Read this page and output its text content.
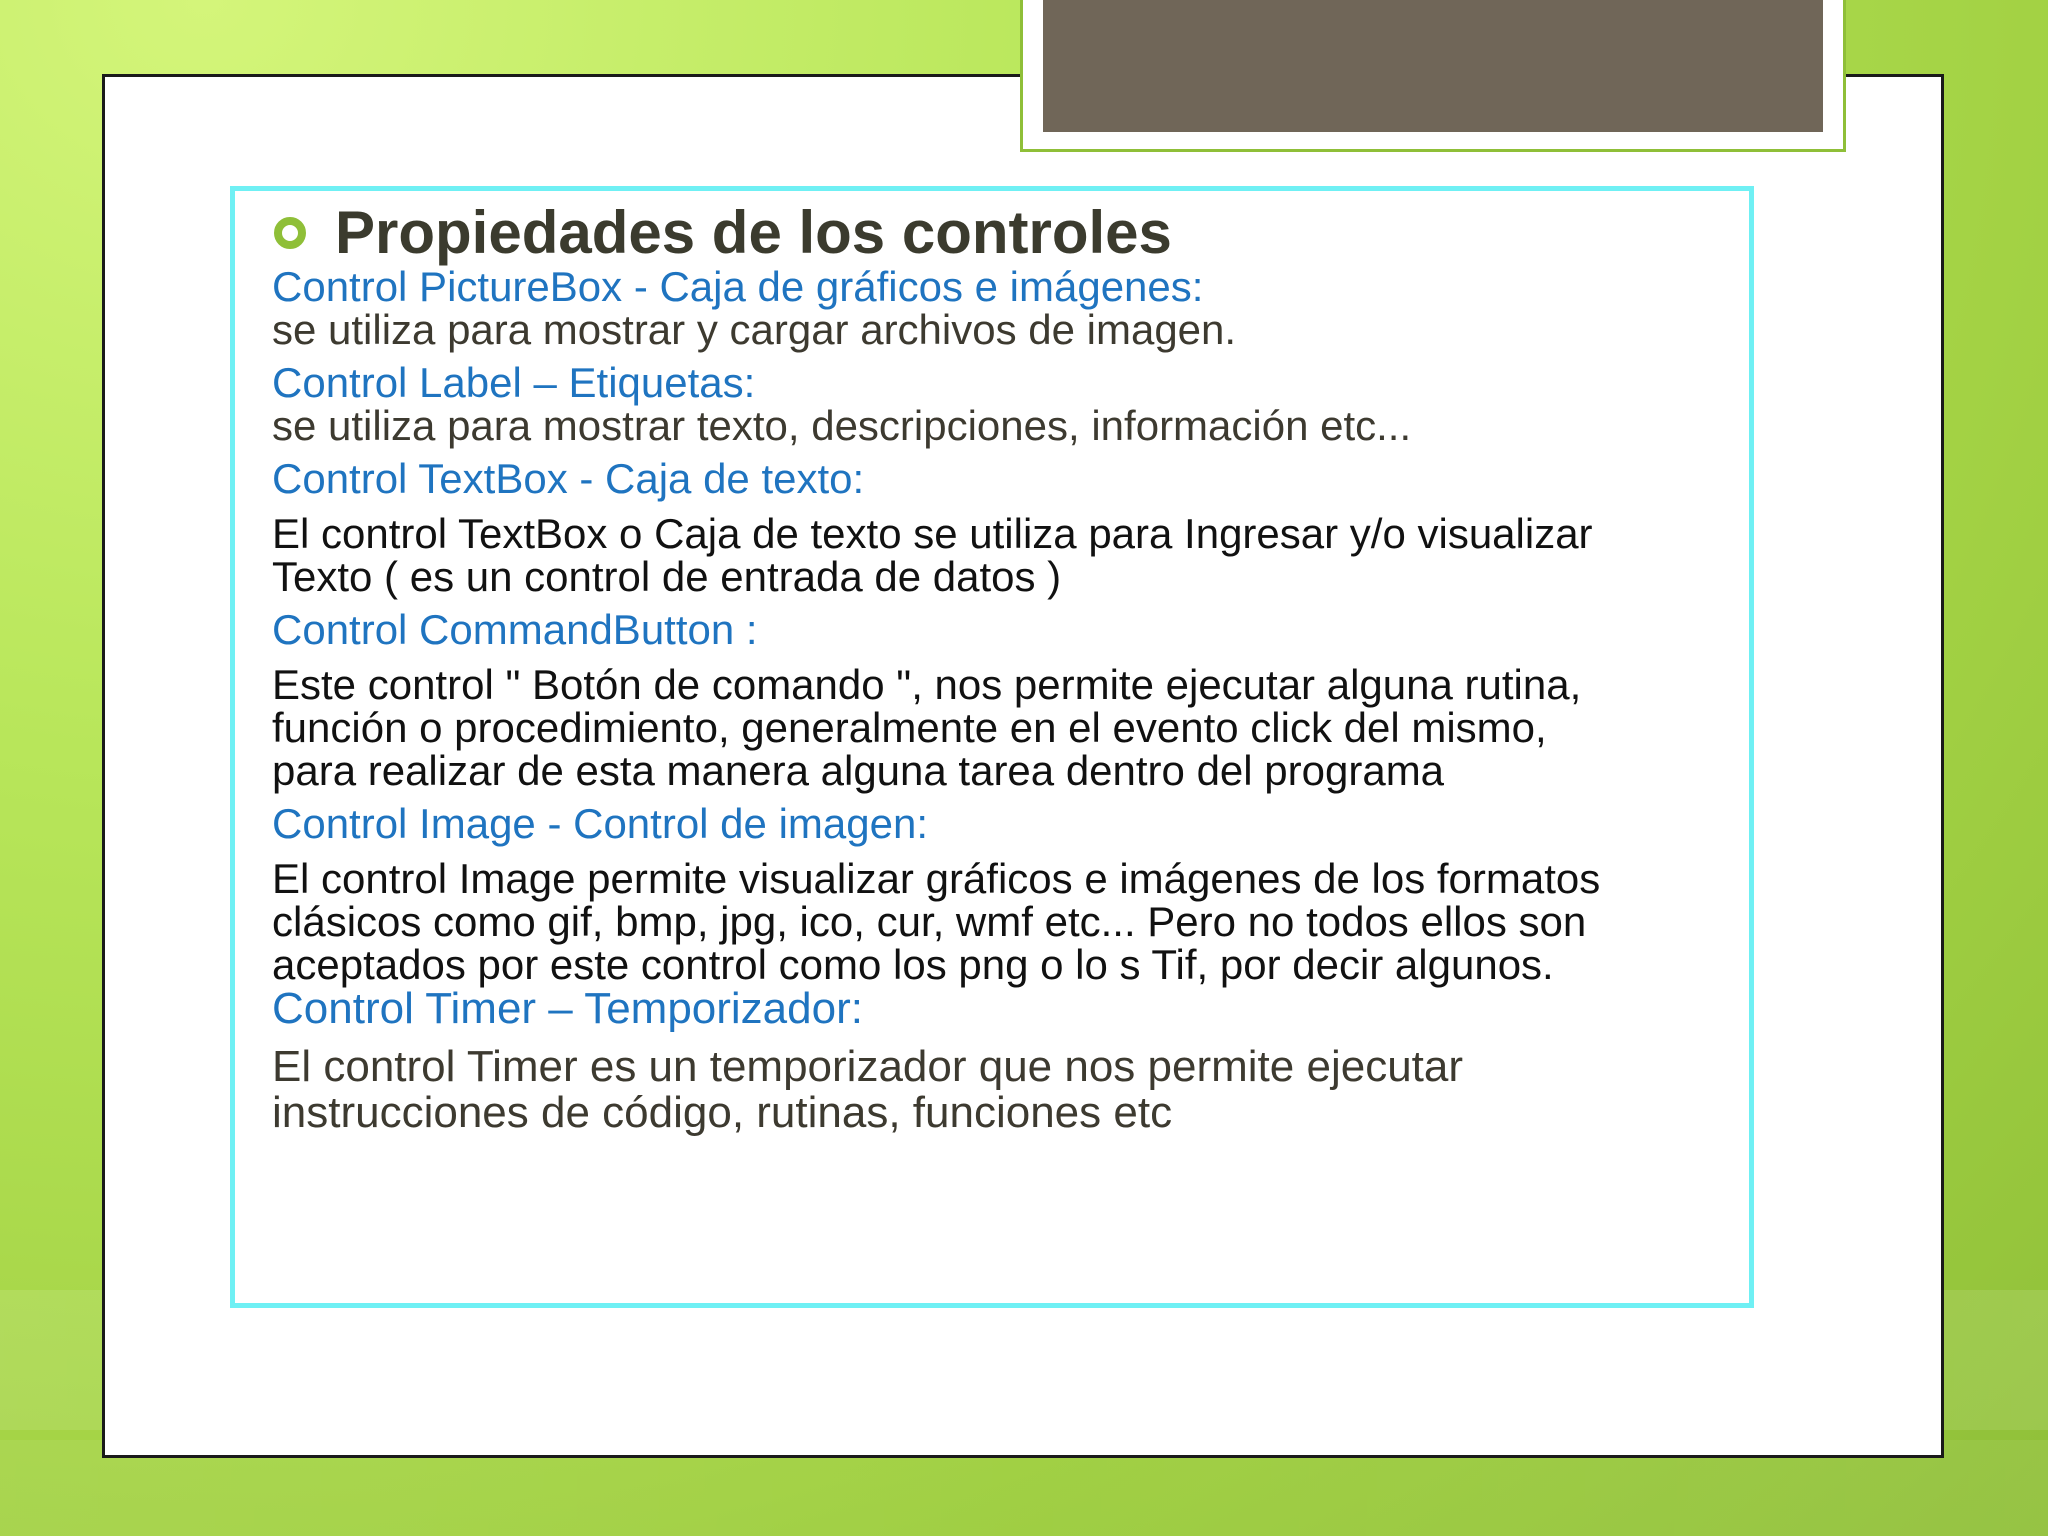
Propiedades de los controles

Control PictureBox - Caja de gráficos e imágenes:

se utiliza para mostrar y cargar archivos de imagen.

Control Label – Etiquetas:

se utiliza para mostrar texto, descripciones, información etc...

Control TextBox - Caja de texto:

El control TextBox o Caja de texto se utiliza para Ingresar y/o visualizar
Texto ( es un control de entrada de datos )

Control CommandButton :

Este control " Botón de comando ", nos permite ejecutar alguna rutina,
función o procedimiento, generalmente en el evento click del mismo,
para realizar de esta manera alguna tarea dentro del programa

Control Image - Control de imagen:

El control Image permite visualizar gráficos e imágenes de los formatos
clásicos como gif, bmp, jpg, ico, cur, wmf etc... Pero no todos ellos son
aceptados por este control como los png o lo s Tif, por decir algunos.

Control Timer – Temporizador:

El control Timer es un temporizador que nos permite ejecutar
instrucciones de código, rutinas, funciones etc
